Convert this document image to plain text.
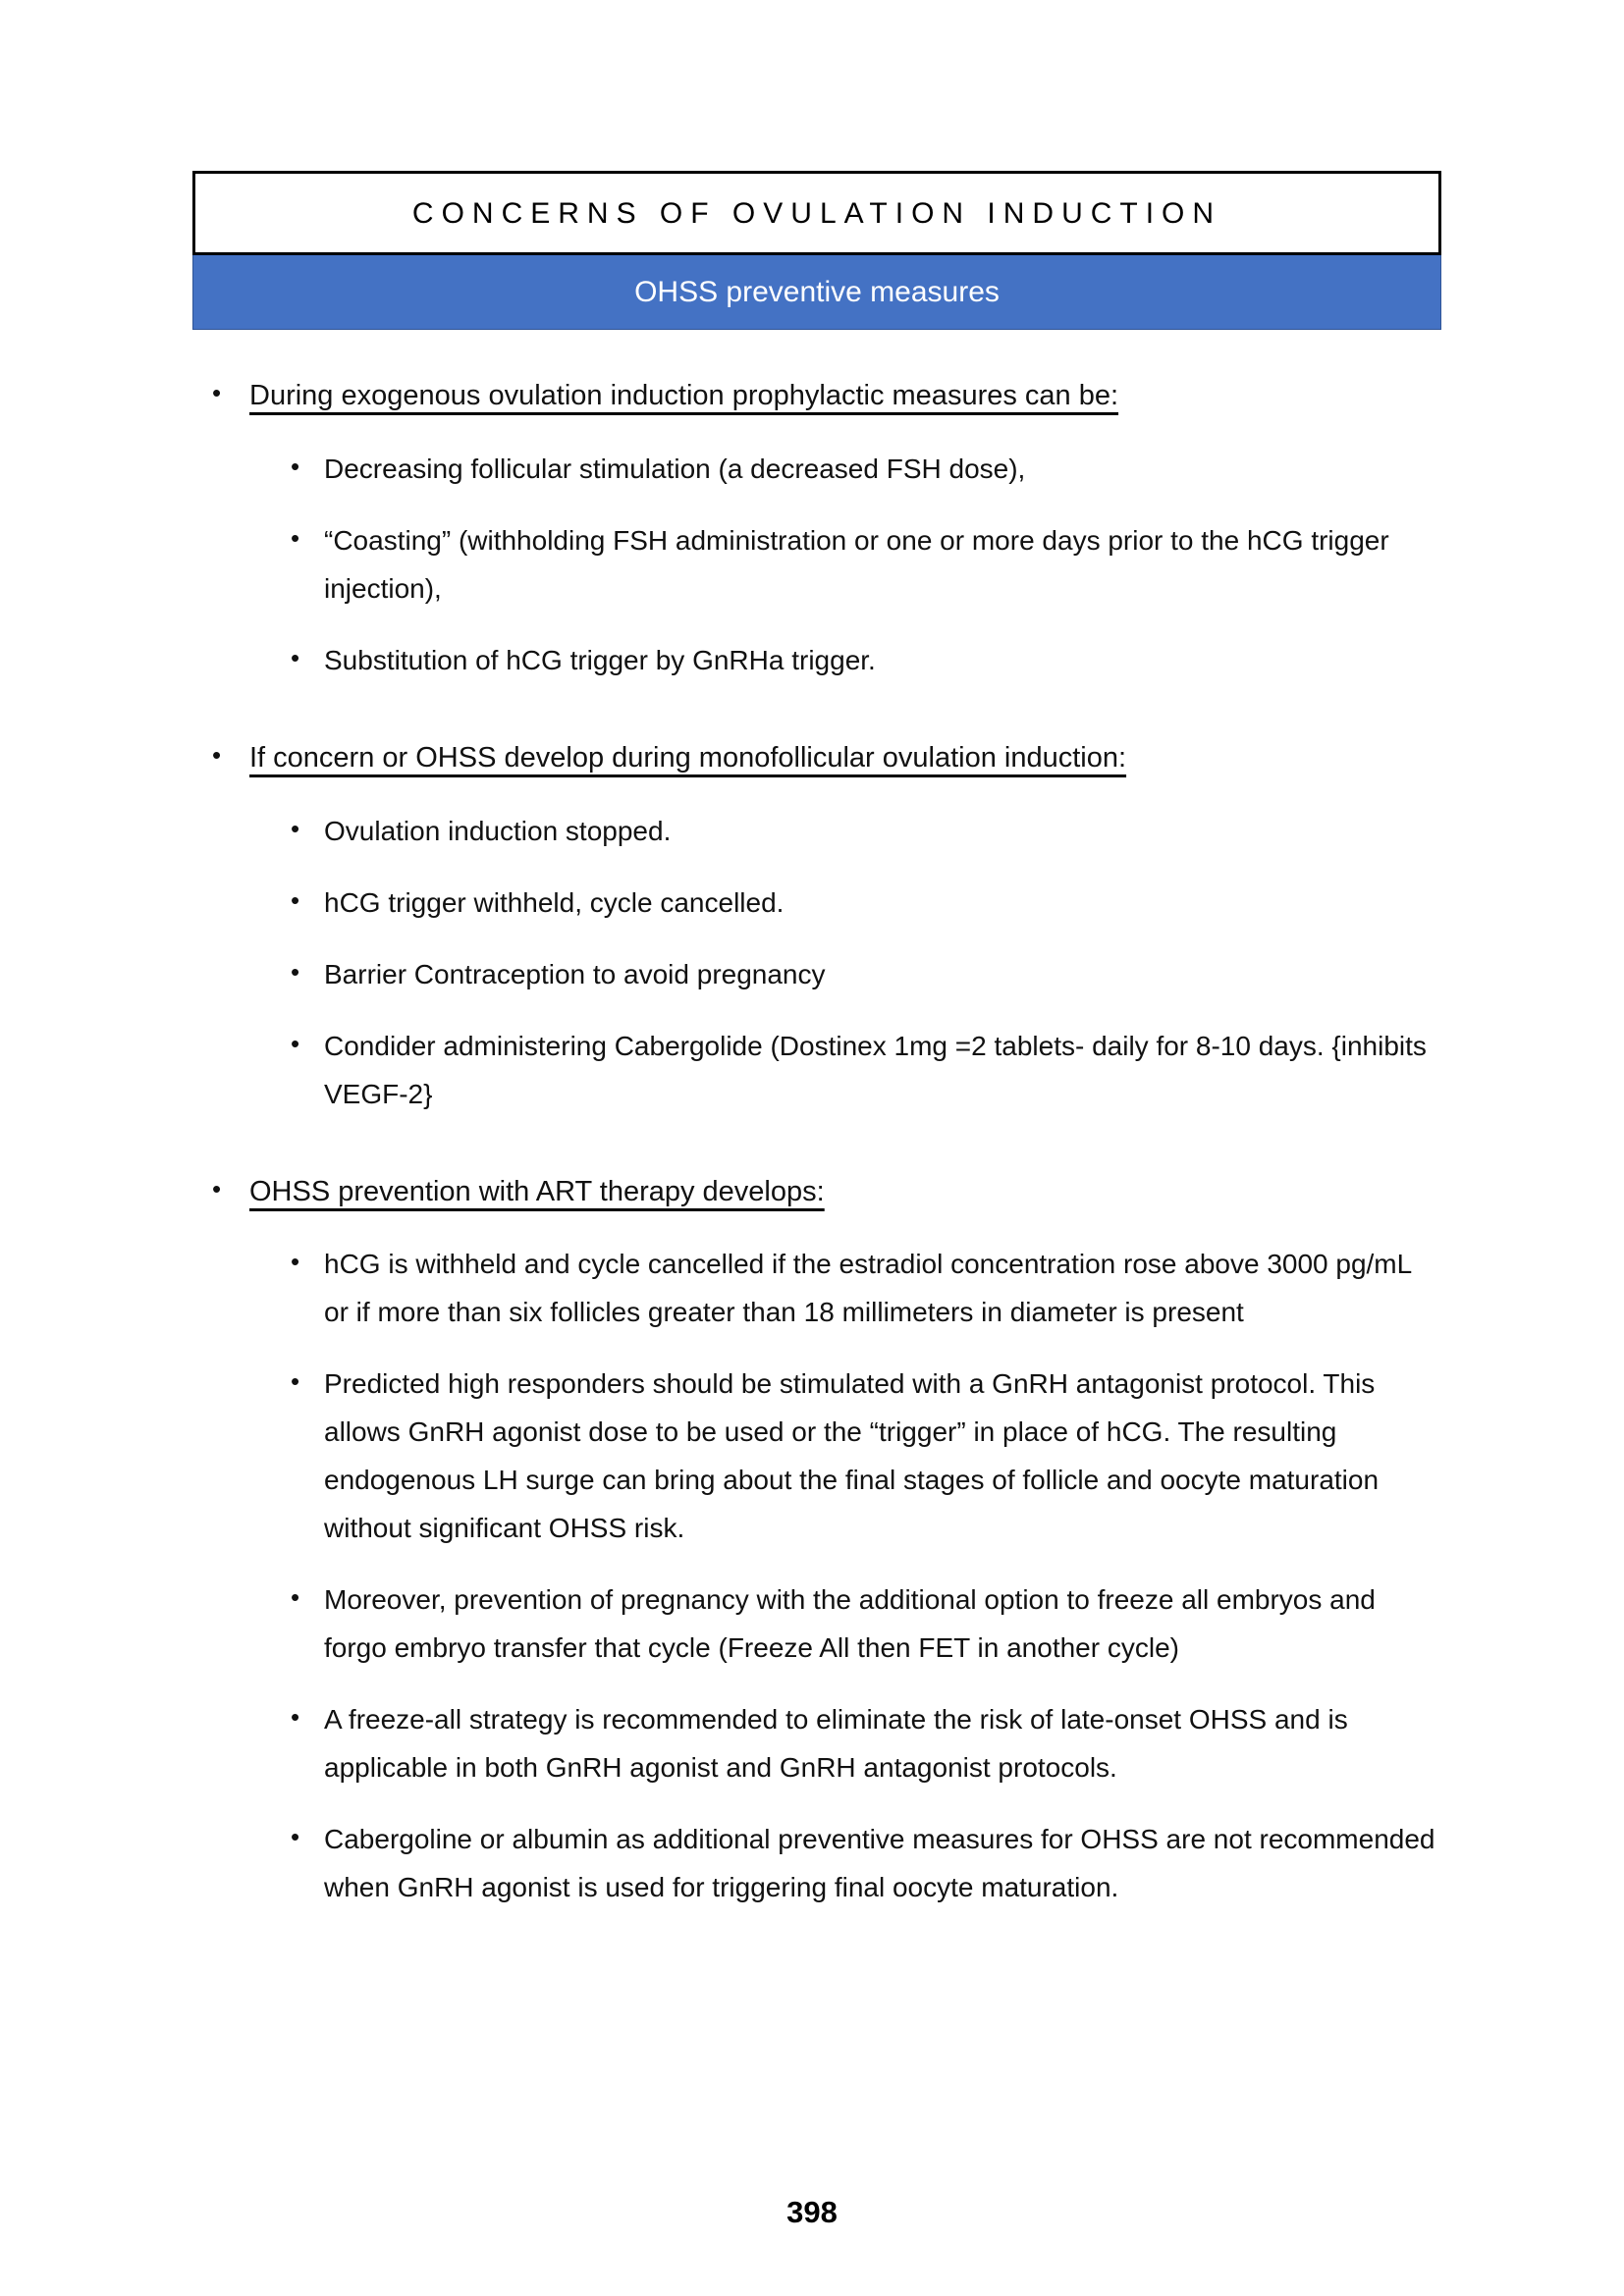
CONCERNS OF OVULATION INDUCTION
OHSS preventive measures
• During exogenous ovulation induction prophylactic measures can be:
• Decreasing follicular stimulation (a decreased FSH dose),
• “Coasting” (withholding FSH administration or one or more days prior to the hCG trigger injection),
• Substitution of hCG trigger by GnRHa trigger.
• If concern or OHSS develop during monofollicular ovulation induction:
• Ovulation induction stopped.
• hCG trigger withheld, cycle cancelled.
• Barrier Contraception to avoid pregnancy
• Condider administering Cabergolide (Dostinex 1mg =2 tablets- daily for 8-10 days. {inhibits VEGF-2}
• OHSS prevention with ART therapy develops:
• hCG is withheld and cycle cancelled if the estradiol concentration rose above 3000 pg/mL or if more than six follicles greater than 18 millimeters in diameter is present
• Predicted high responders should be stimulated with a GnRH antagonist protocol. This allows GnRH agonist dose to be used or the “trigger” in place of hCG. The resulting endogenous LH surge can bring about the final stages of follicle and oocyte maturation without significant OHSS risk.
• Moreover, prevention of pregnancy with the additional option to freeze all embryos and forgo embryo transfer that cycle (Freeze All then FET in another cycle)
• A freeze-all strategy is recommended to eliminate the risk of late-onset OHSS and is applicable in both GnRH agonist and GnRH antagonist protocols.
• Cabergoline or albumin as additional preventive measures for OHSS are not recommended when GnRH agonist is used for triggering final oocyte maturation.
398
